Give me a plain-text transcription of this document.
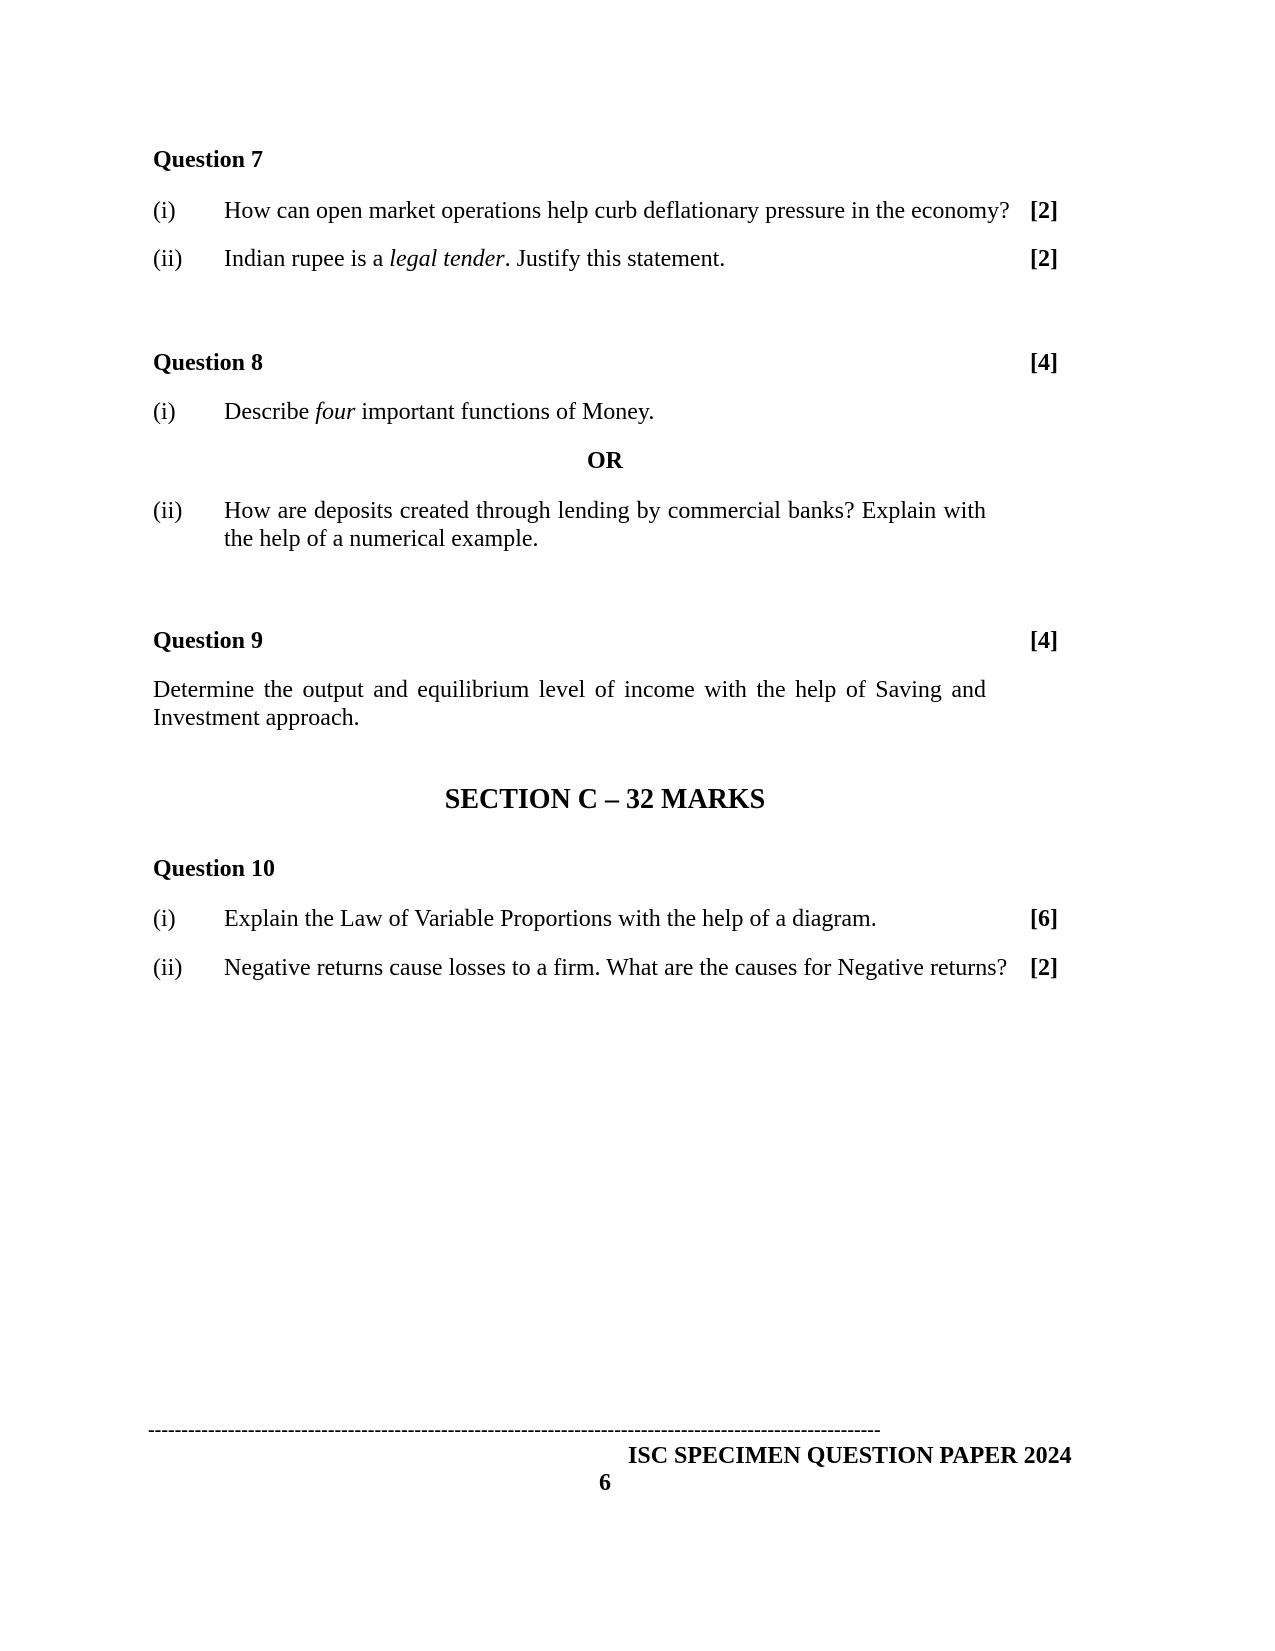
Question 7
(i) How can open market operations help curb deflationary pressure in the economy? [2]
(ii) Indian rupee is a legal tender. Justify this statement.	[2]
Question 8	[4]
(i) Describe four important functions of Money.
OR
(ii) How are deposits created through lending by commercial banks? Explain with the help of a numerical example.
Question 9	[4]
Determine the output and equilibrium level of income with the help of Saving and Investment approach.
SECTION C – 32 MARKS
Question 10
(i) Explain the Law of Variable Proportions with the help of a diagram.	[6]
(ii) Negative returns cause losses to a firm. What are the causes for Negative returns? [2]
--------------------------------------------------------------------------------------------------------------
ISC SPECIMEN QUESTION PAPER 2024
6
